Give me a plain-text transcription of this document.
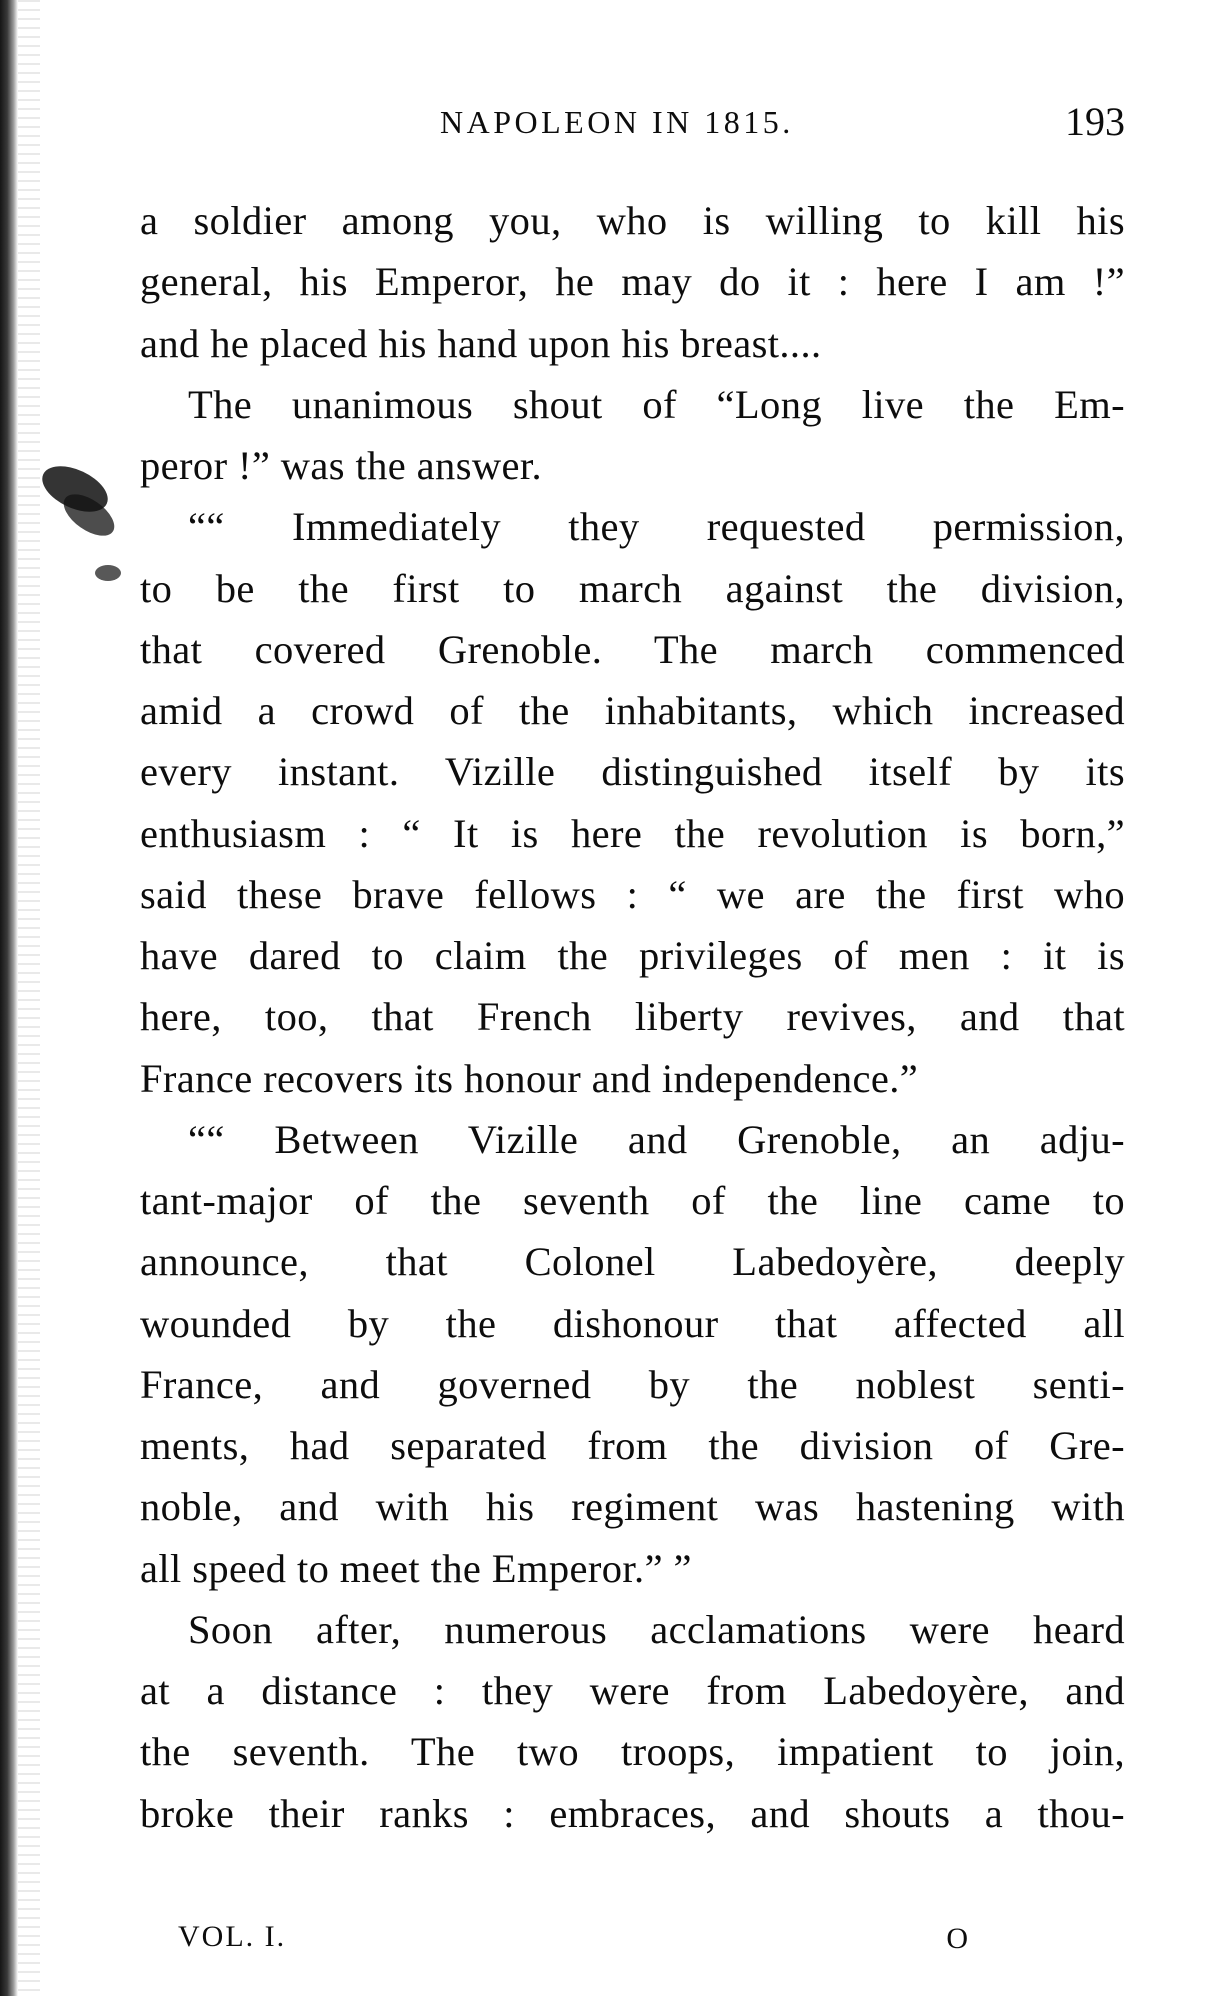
NAPOLEON IN 1815.	193
a soldier among you, who is willing to kill his
general, his Emperor, he may do it : here I am !”
and he placed his hand upon his breast....
The unanimous shout of “Long live the Em-
peror !” was the answer.
““ Immediately they requested permission,
to be the first to march against the division,
that covered Grenoble. The march commenced
amid a crowd of the inhabitants, which increased
every instant. Vizille distinguished itself by its
enthusiasm : “ It is here the revolution is born,”
said these brave fellows : “ we are the first who
have dared to claim the privileges of men : it is
here, too, that French liberty revives, and that
France recovers its honour and independence.”
““ Between Vizille and Grenoble, an adju-
tant-major of the seventh of the line came to
announce, that Colonel Labedoyère, deeply
wounded by the dishonour that affected all
France, and governed by the noblest senti-
ments, had separated from the division of Gre-
noble, and with his regiment was hastening with
all speed to meet the Emperor.” ”
Soon after, numerous acclamations were heard
at a distance : they were from Labedoyère, and
the seventh. The two troops, impatient to join,
broke their ranks : embraces, and shouts a thou-
VOL. I.	O
